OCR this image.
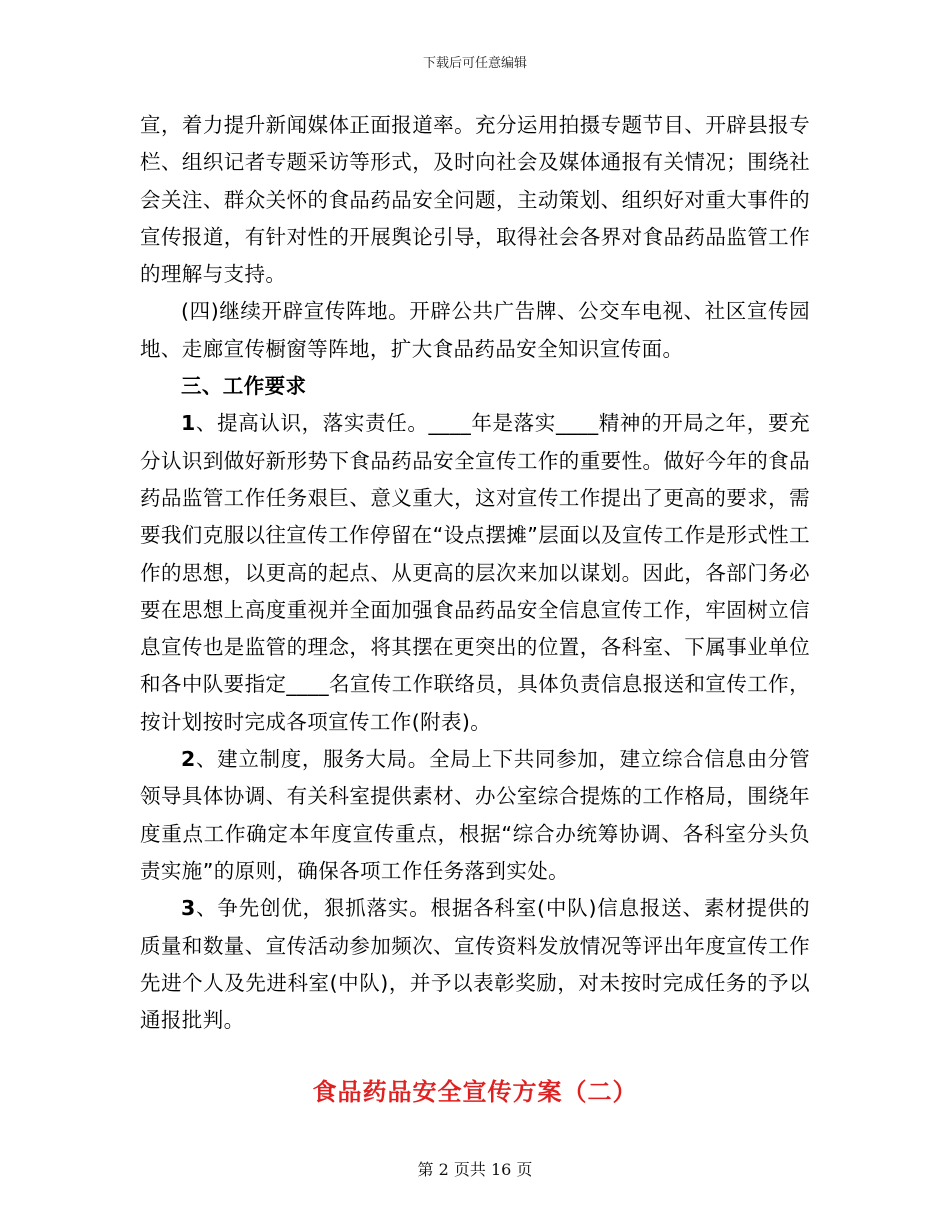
下载后可任意编辑

宣，着力提升新闻媒体正面报道率。充分运用拍摄专题节目、开辟县报专栏、组织记者专题采访等形式，及时向社会及媒体通报有关情况；围绕社会关注、群众关怀的食品药品安全问题，主动策划、组织好对重大事件的宣传报道，有针对性的开展舆论引导，取得社会各界对食品药品监管工作的理解与支持。

(四)继续开辟宣传阵地。开辟公共广告牌、公交车电视、社区宣传园地、走廊宣传橱窗等阵地，扩大食品药品安全知识宣传面。

三、工作要求

1、提高认识，落实责任。____年是落实____精神的开局之年，要充分认识到做好新形势下食品药品安全宣传工作的重要性。做好今年的食品药品监管工作任务艰巨、意义重大，这对宣传工作提出了更高的要求，需要我们克服以往宣传工作停留在“设点摆摊”层面以及宣传工作是形式性工作的思想，以更高的起点、从更高的层次来加以谋划。因此，各部门务必要在思想上高度重视并全面加强食品药品安全信息宣传工作，牢固树立信息宣传也是监管的理念，将其摆在更突出的位置，各科室、下属事业单位和各中队要指定____名宣传工作联络员，具体负责信息报送和宣传工作，按计划按时完成各项宣传工作(附表)。

2、建立制度，服务大局。全局上下共同参加，建立综合信息由分管领导具体协调、有关科室提供素材、办公室综合提炼的工作格局，围绕年度重点工作确定本年度宣传重点，根据“综合办统筹协调、各科室分头负责实施”的原则，确保各项工作任务落到实处。

3、争先创优，狠抓落实。根据各科室(中队)信息报送、素材提供的质量和数量、宣传活动参加频次、宣传资料发放情况等评出年度宣传工作先进个人及先进科室(中队)，并予以表彰奖励，对未按时完成任务的予以通报批判。

食品药品安全宣传方案（二）
第 2 页共 16 页
